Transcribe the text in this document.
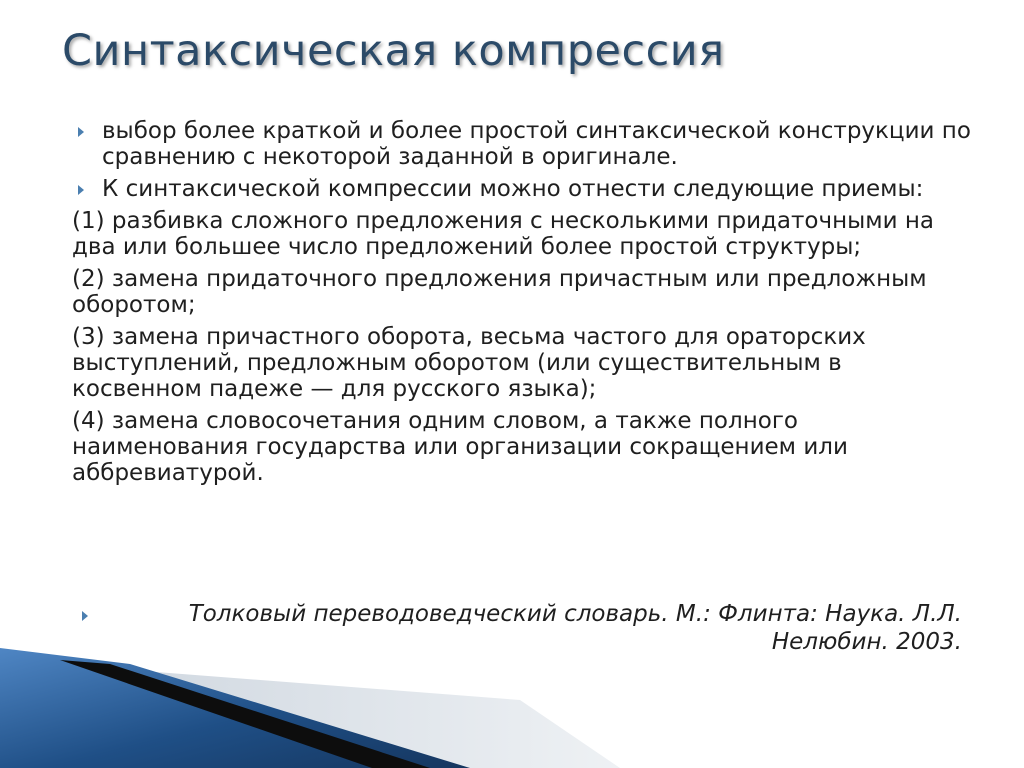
Синтаксическая компрессия
выбор более краткой и более простой синтаксической конструкции по сравнению с некоторой заданной в оригинале.
К синтаксической компрессии можно отнести следующие приемы:
(1) разбивка сложного предложения с несколькими придаточными на два или большее число предложений более простой структуры;
(2) замена придаточного предложения причастным или предложным оборотом;
(3) замена причастного оборота, весьма частого для ораторских выступлений, предложным оборотом (или существительным в косвенном падеже — для русского языка);
(4) замена словосочетания одним словом, а также полного наименования государства или организации сокращением или аббревиатурой.
Толковый переводоведческий словарь. М.: Флинта: Наука. Л.Л. Нелюбин. 2003.
